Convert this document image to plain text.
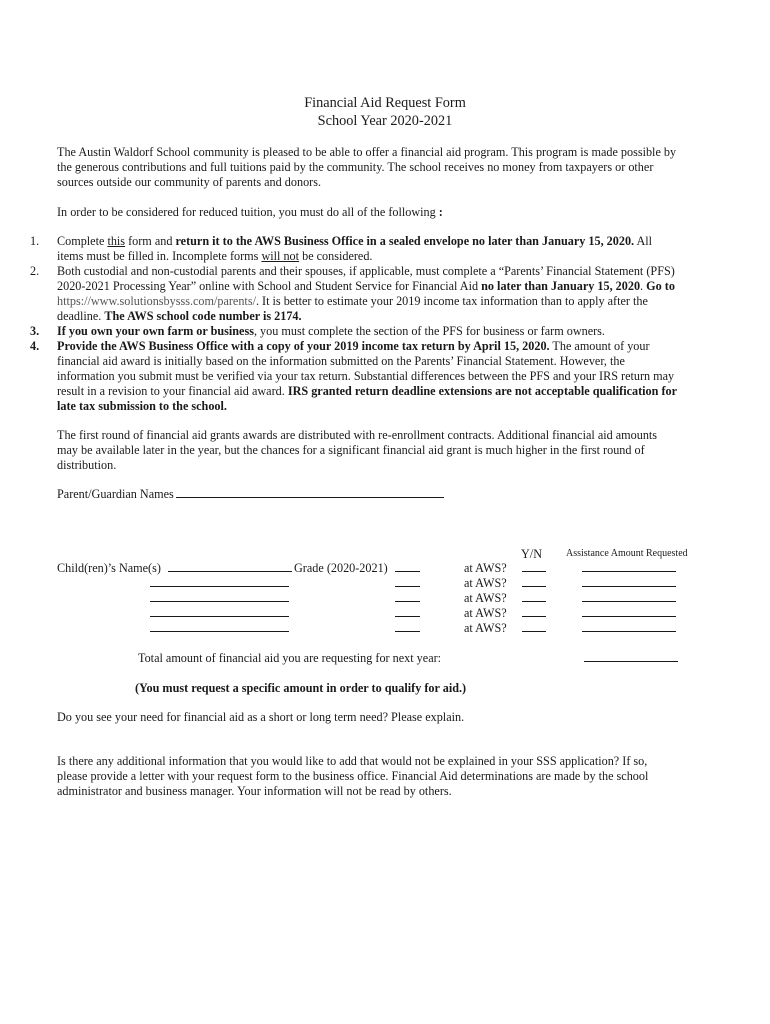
Financial Aid Request Form
School Year 2020-2021
The Austin Waldorf School community is pleased to be able to offer a financial aid program. This program is made possible by
the generous contributions and full tuitions paid by the community. The school receives no money from taxpayers or other
sources outside our community of parents and donors.
In order to be considered for reduced tuition, you must do all of the following :
1. Complete this form and return it to the AWS Business Office in a sealed envelope no later than January 15, 2020. All
items must be filled in. Incomplete forms will not be considered.
2. Both custodial and non-custodial parents and their spouses, if applicable, must complete a “Parents’ Financial Statement (PFS)
2020-2021 Processing Year” online with School and Student Service for Financial Aid no later than January 15, 2020. Go to
https://www.solutionsbysss.com/parents/. It is better to estimate your 2019 income tax information than to apply after the
deadline. The AWS school code number is 2174.
3. If you own your own farm or business, you must complete the section of the PFS for business or farm owners.
4. Provide the AWS Business Office with a copy of your 2019 income tax return by April 15, 2020. The amount of your
financial aid award is initially based on the information submitted on the Parents’ Financial Statement. However, the
information you submit must be verified via your tax return. Substantial differences between the PFS and your IRS return may
result in a revision to your financial aid award. IRS granted return deadline extensions are not acceptable qualification for
late tax submission to the school.
The first round of financial aid grants awards are distributed with re-enrollment contracts. Additional financial aid amounts
may be available later in the year, but the chances for a significant financial aid grant is much higher in the first round of
distribution.
Parent/Guardian Names
Y/N Assistance Amount Requested
Child(ren)’s Name(s)	Grade (2020-2021)	at AWS?
at AWS?
at AWS?
at AWS?
at AWS?
Total amount of financial aid you are requesting for next year:
(You must request a specific amount in order to qualify for aid.)
Do you see your need for financial aid as a short or long term need? Please explain.
Is there any additional information that you would like to add that would not be explained in your SSS application? If so,
please provide a letter with your request form to the business office. Financial Aid determinations are made by the school
administrator and business manager. Your information will not be read by others.
